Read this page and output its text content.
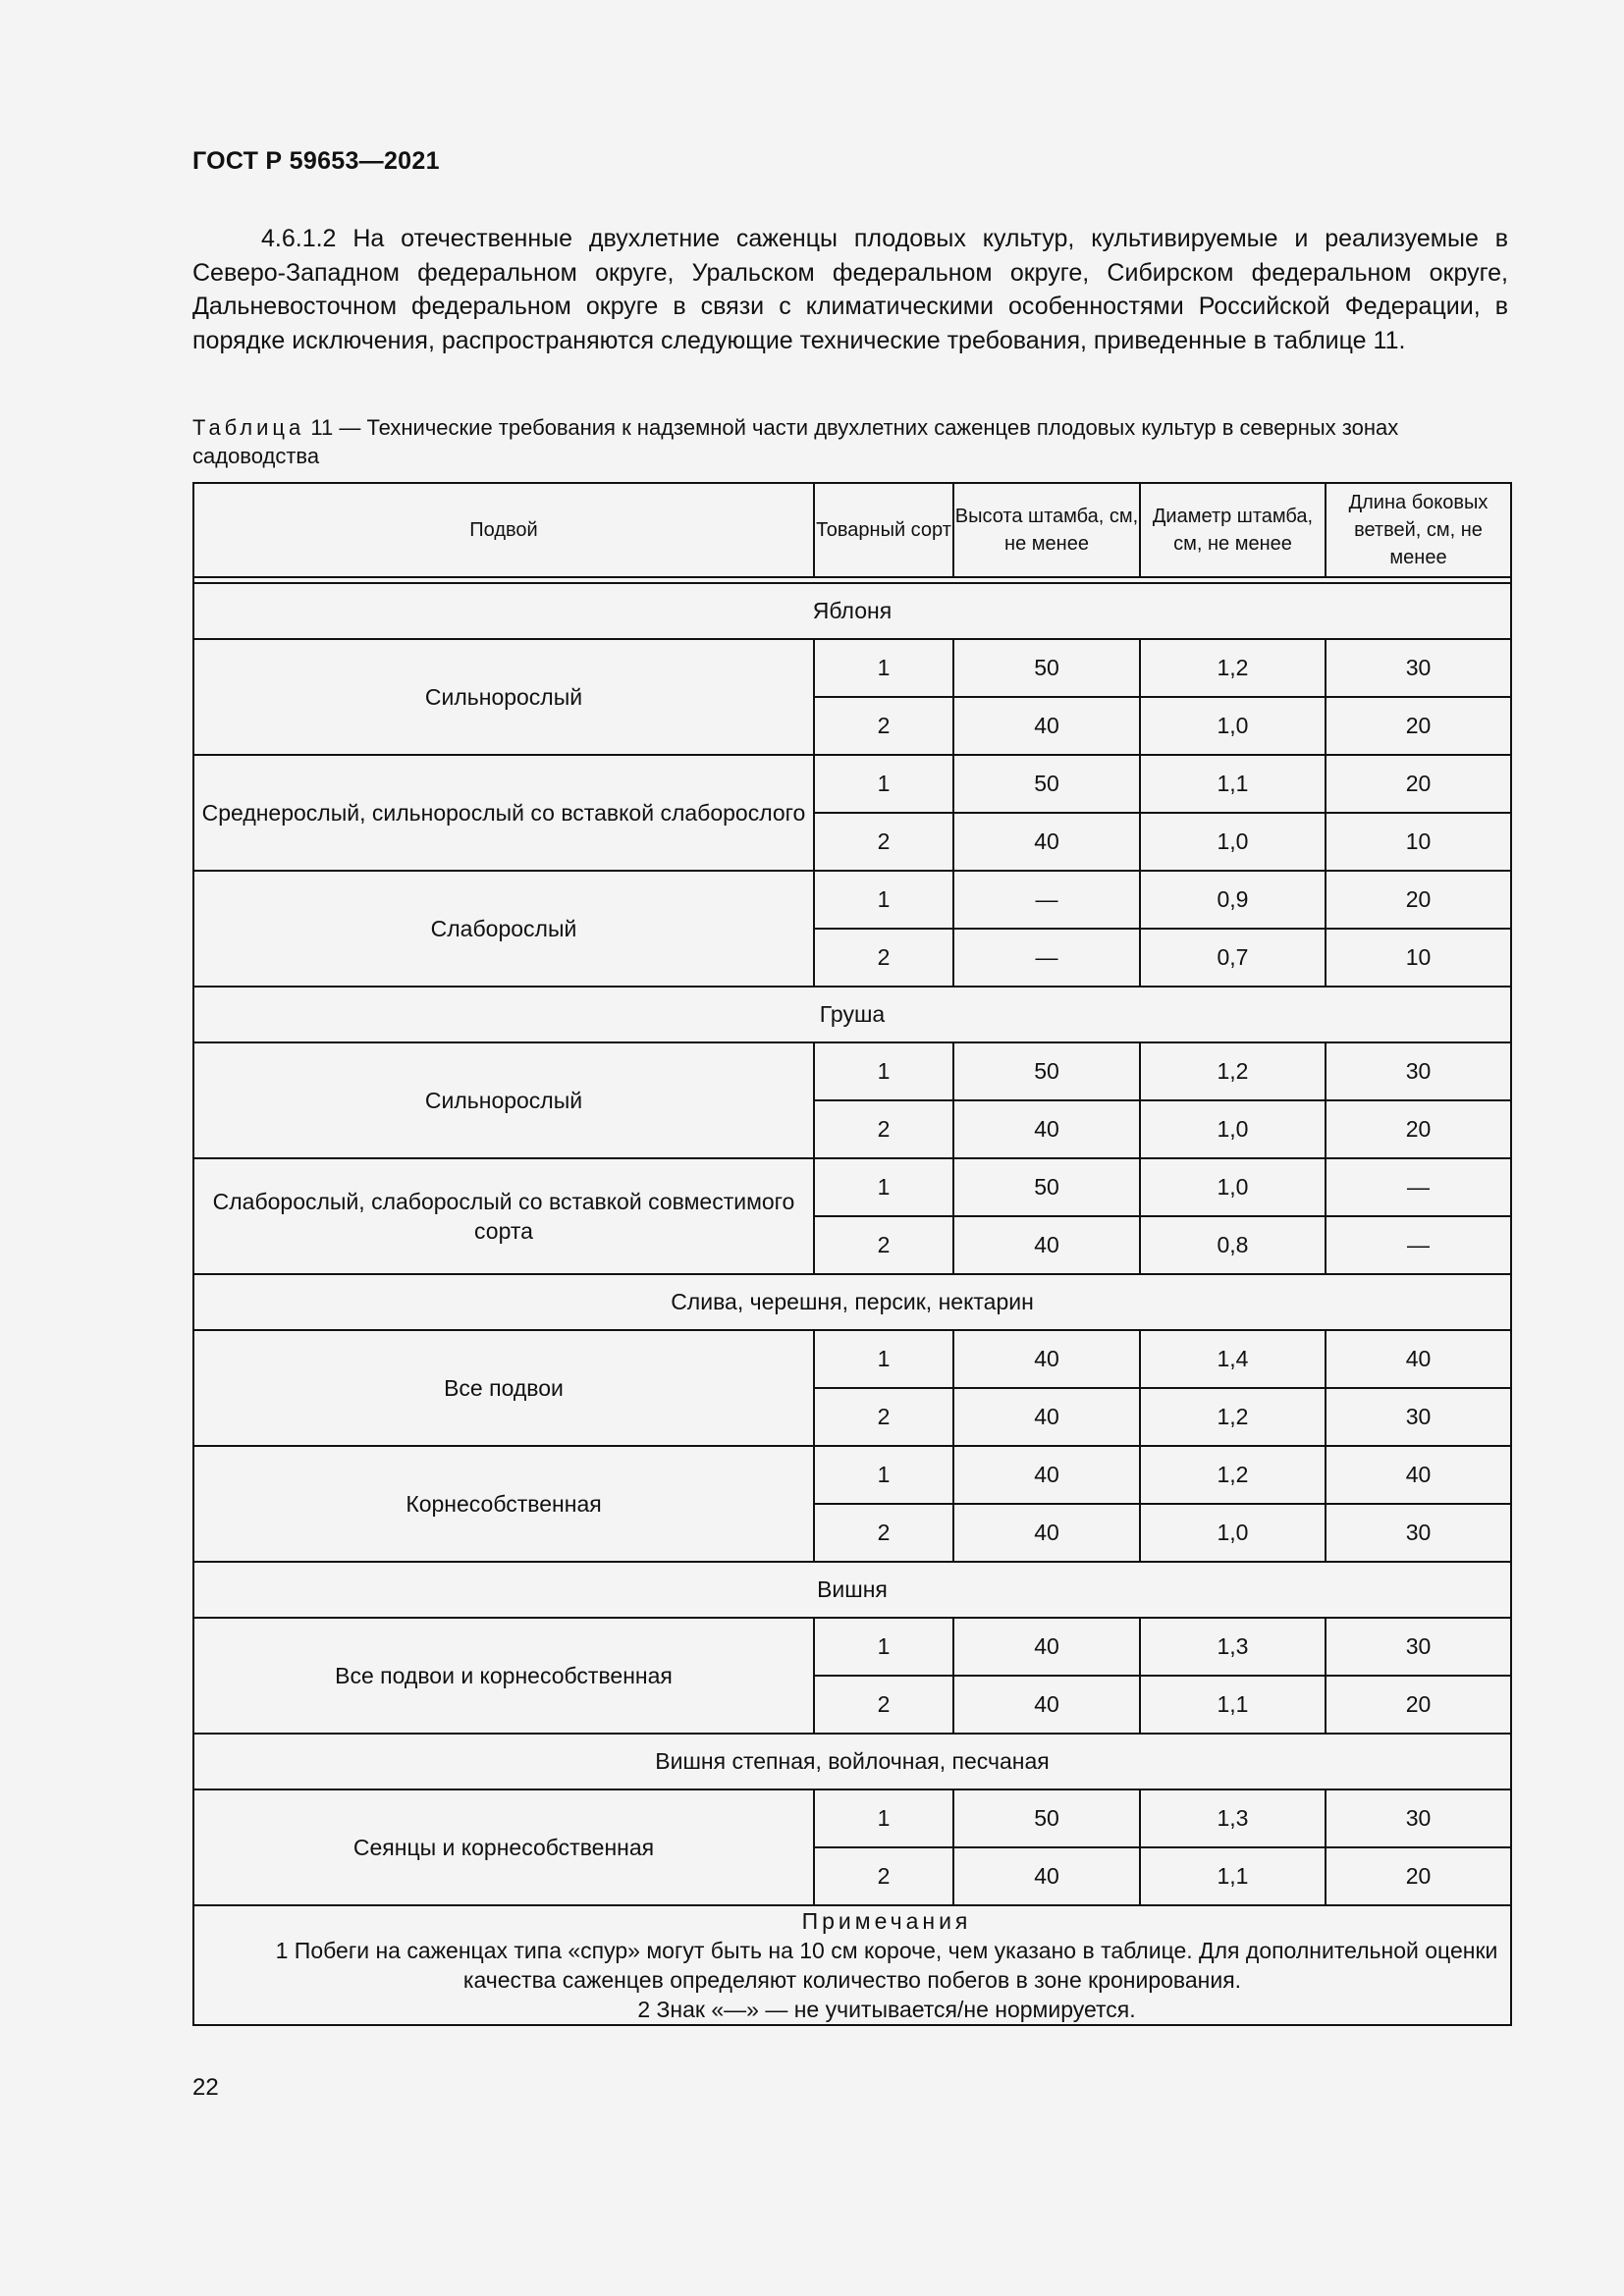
ГОСТ Р 59653—2021
4.6.1.2 На отечественные двухлетние саженцы плодовых культур, культивируемые и реализуемые в Северо-Западном федеральном округе, Уральском федеральном округе, Сибирском федеральном округе, Дальневосточном федеральном округе в связи с климатическими особенностями Российской Федерации, в порядке исключения, распространяются следующие технические требования, приведенные в таблице 11.
Таблица 11 — Технические требования к надземной части двухлетних саженцев плодовых культур в северных зонах садоводства
Подвой	Товарный сорт	Высота штамба, см, не менее	Диаметр штамба, см, не менее	Длина боковых ветвей, см, не менее

Яблоня				
Сильнорослый	1	50	1,2	30
	2	40	1,0	20
Среднерослый, сильнорослый со вставкой слаборослого	1	50	1,1	20
	2	40	1,0	10
Слаборослый	1	—	0,9	20
	2	—	0,7	10
Груша				
Сильнорослый	1	50	1,2	30
	2	40	1,0	20
Слаборослый, слаборослый со вставкой совместимого сорта	1	50	1,0	—
	2	40	0,8	—
Слива, черешня, персик, нектарин				
Все подвои	1	40	1,4	40
	2	40	1,2	30
Корнесобственная	1	40	1,2	40
	2	40	1,0	30
Вишня				
Все подвои и корнесобственная	1	40	1,3	30
	2	40	1,1	20
Вишня степная, войлочная, песчаная				
Сеянцы и корнесобственная	1	50	1,3	30
	2	40	1,1	20

Примечания
1 Побеги на саженцах типа «спур» могут быть на 10 см короче, чем указано в таблице. Для дополнительной оценки качества саженцев определяют количество побегов в зоне кронирования.
2 Знак «—» — не учитывается/не нормируется.				
22
